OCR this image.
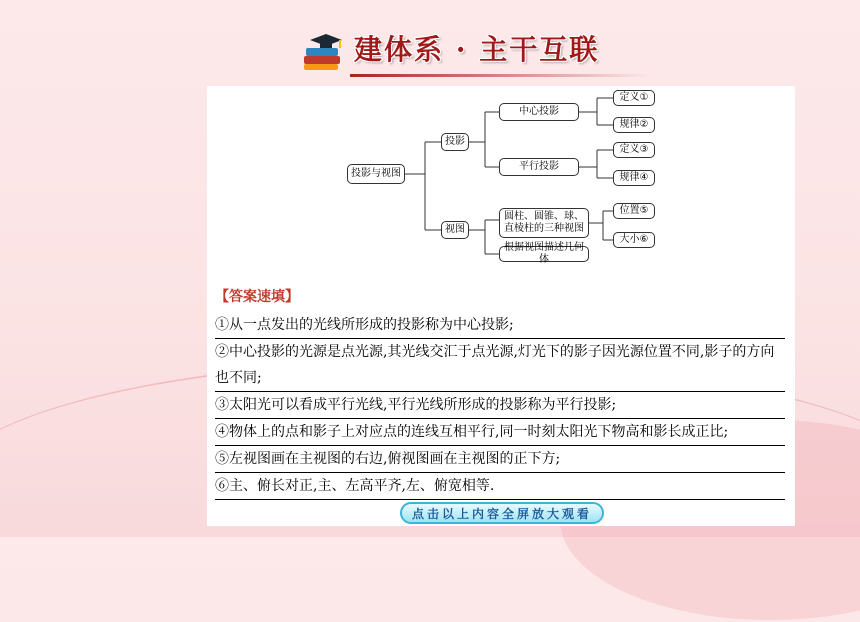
建体系 · 主干互联
投影与视图
投影
中心投影
平行投影
定义①
规律②
定义③
规律④
视图
圆柱、圆锥、球、直棱柱的三种视图
根据视图描述几何体
位置⑤
大小⑥
【答案速填】
①从一点发出的光线所形成的投影称为中心投影;
②中心投影的光源是点光源,其光线交汇于点光源,灯光下的影子因光源位置不同,影子的方向也不同;
③太阳光可以看成平行光线,平行光线所形成的投影称为平行投影;
④物体上的点和影子上对应点的连线互相平行,同一时刻太阳光下物高和影长成正比;
⑤左视图画在主视图的右边,俯视图画在主视图的正下方;
⑥主、俯长对正,主、左高平齐,左、俯宽相等.
点击以上内容全屏放大观看
